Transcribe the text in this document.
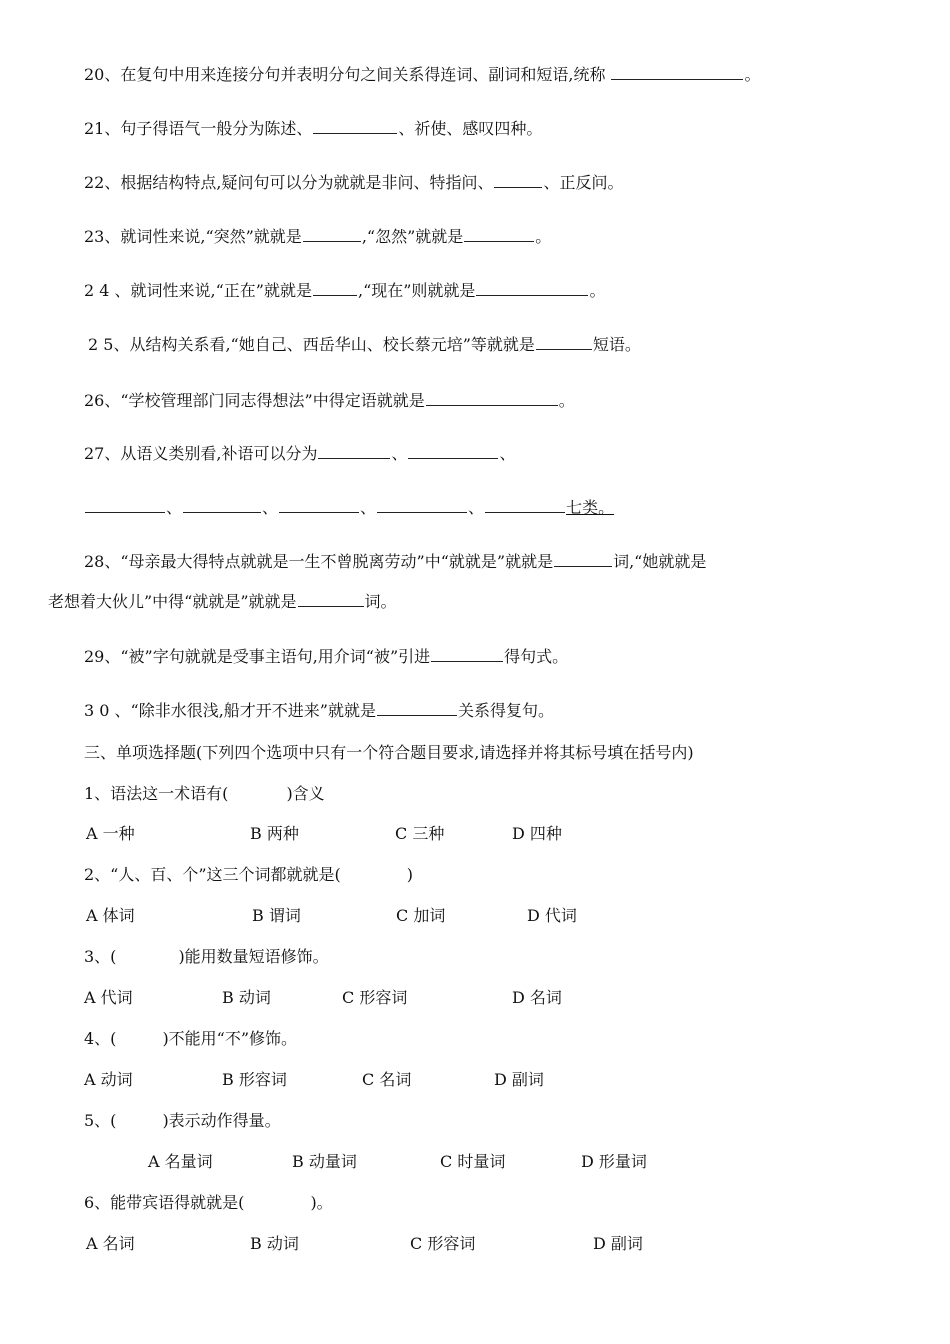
20、在复句中用来连接分句并表明分句之间关系得连词、副词和短语,统称	。
21、句子得语气一般分为陈述、	、祈使、感叹四种。
22、根据结构特点,疑问句可以分为就就是非问、特指问、	、正反问。
23、就词性来说,“突然”就就是	,“忽然”就就是	。
2 4 、就词性来说,“正在”就就是	,“现在”则就就是	。
2 5、从结构关系看,“她自己、西岳华山、校长蔡元培”等就就是	短语。
26、“学校管理部门同志得想法”中得定语就就是	。
27、从语义类别看,补语可以分为	、	、
、	、	、	、	七类。
28、“母亲最大得特点就就是一生不曾脱离劳动”中“就就是”就就是	词,“她就就是
老想着大伙儿”中得“就就是”就就是	词。
29、“被”字句就就是受事主语句,用介词“被”引进	得句式。
3 0 、“除非水很浅,船才开不进来”就就是	关系得复句。
三、单项选择题(下列四个选项中只有一个符合题目要求,请选择并将其标号填在括号内)
1、语法这一术语有(	)含义
A 一种	B 两种	C 三种	D 四种
2、“人、百、个”这三个词都就就是(	)
A 体词	B 谓词	C 加词	D 代词
3、(	)能用数量短语修饰。
A 代词	B 动词	C 形容词	D 名词
4、(	)不能用“不”修饰。
A 动词	B 形容词	C 名词	D 副词
5、(	)表示动作得量。
A 名量词	B 动量词	C 时量词	D 形量词
6、能带宾语得就就是(	)。
A 名词	B 动词	C 形容词	D 副词
